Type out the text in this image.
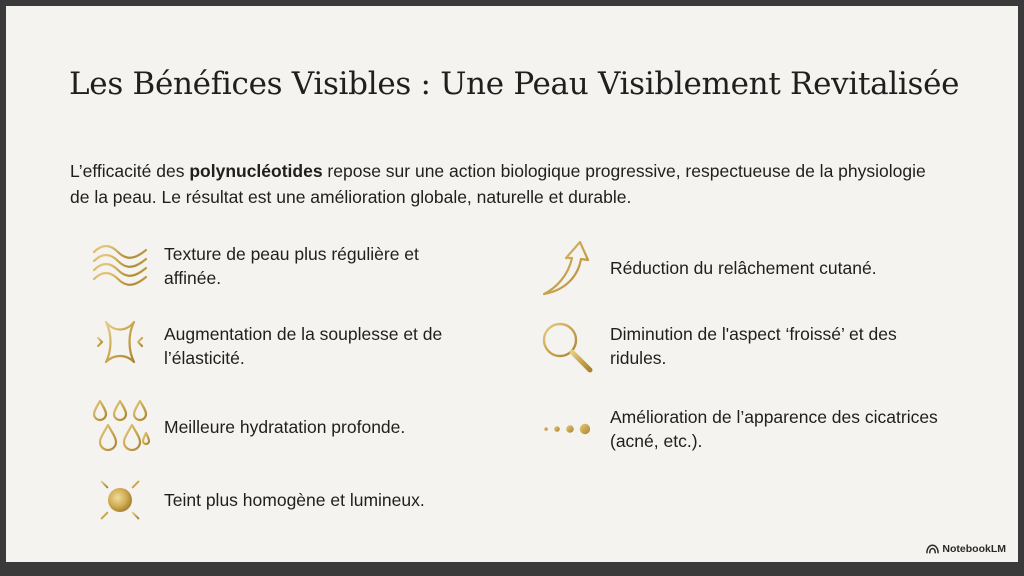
Les Bénéfices Visibles : Une Peau Visiblement Revitalisée

L’efficacité des polynucléotides repose sur une action biologique progressive, respectueuse de la physiologie de la peau. Le résultat est une amélioration globale, naturelle et durable.

Texture de peau plus régulière et affinée.
Augmentation de la souplesse et de l’élasticité.
Meilleure hydratation profonde.
Teint plus homogène et lumineux.
Réduction du relâchement cutané.
Diminution de l'aspect ‘froissé’ et des ridules.
Amélioration de l’apparence des cicatrices (acné, etc.).
NotebookLM
